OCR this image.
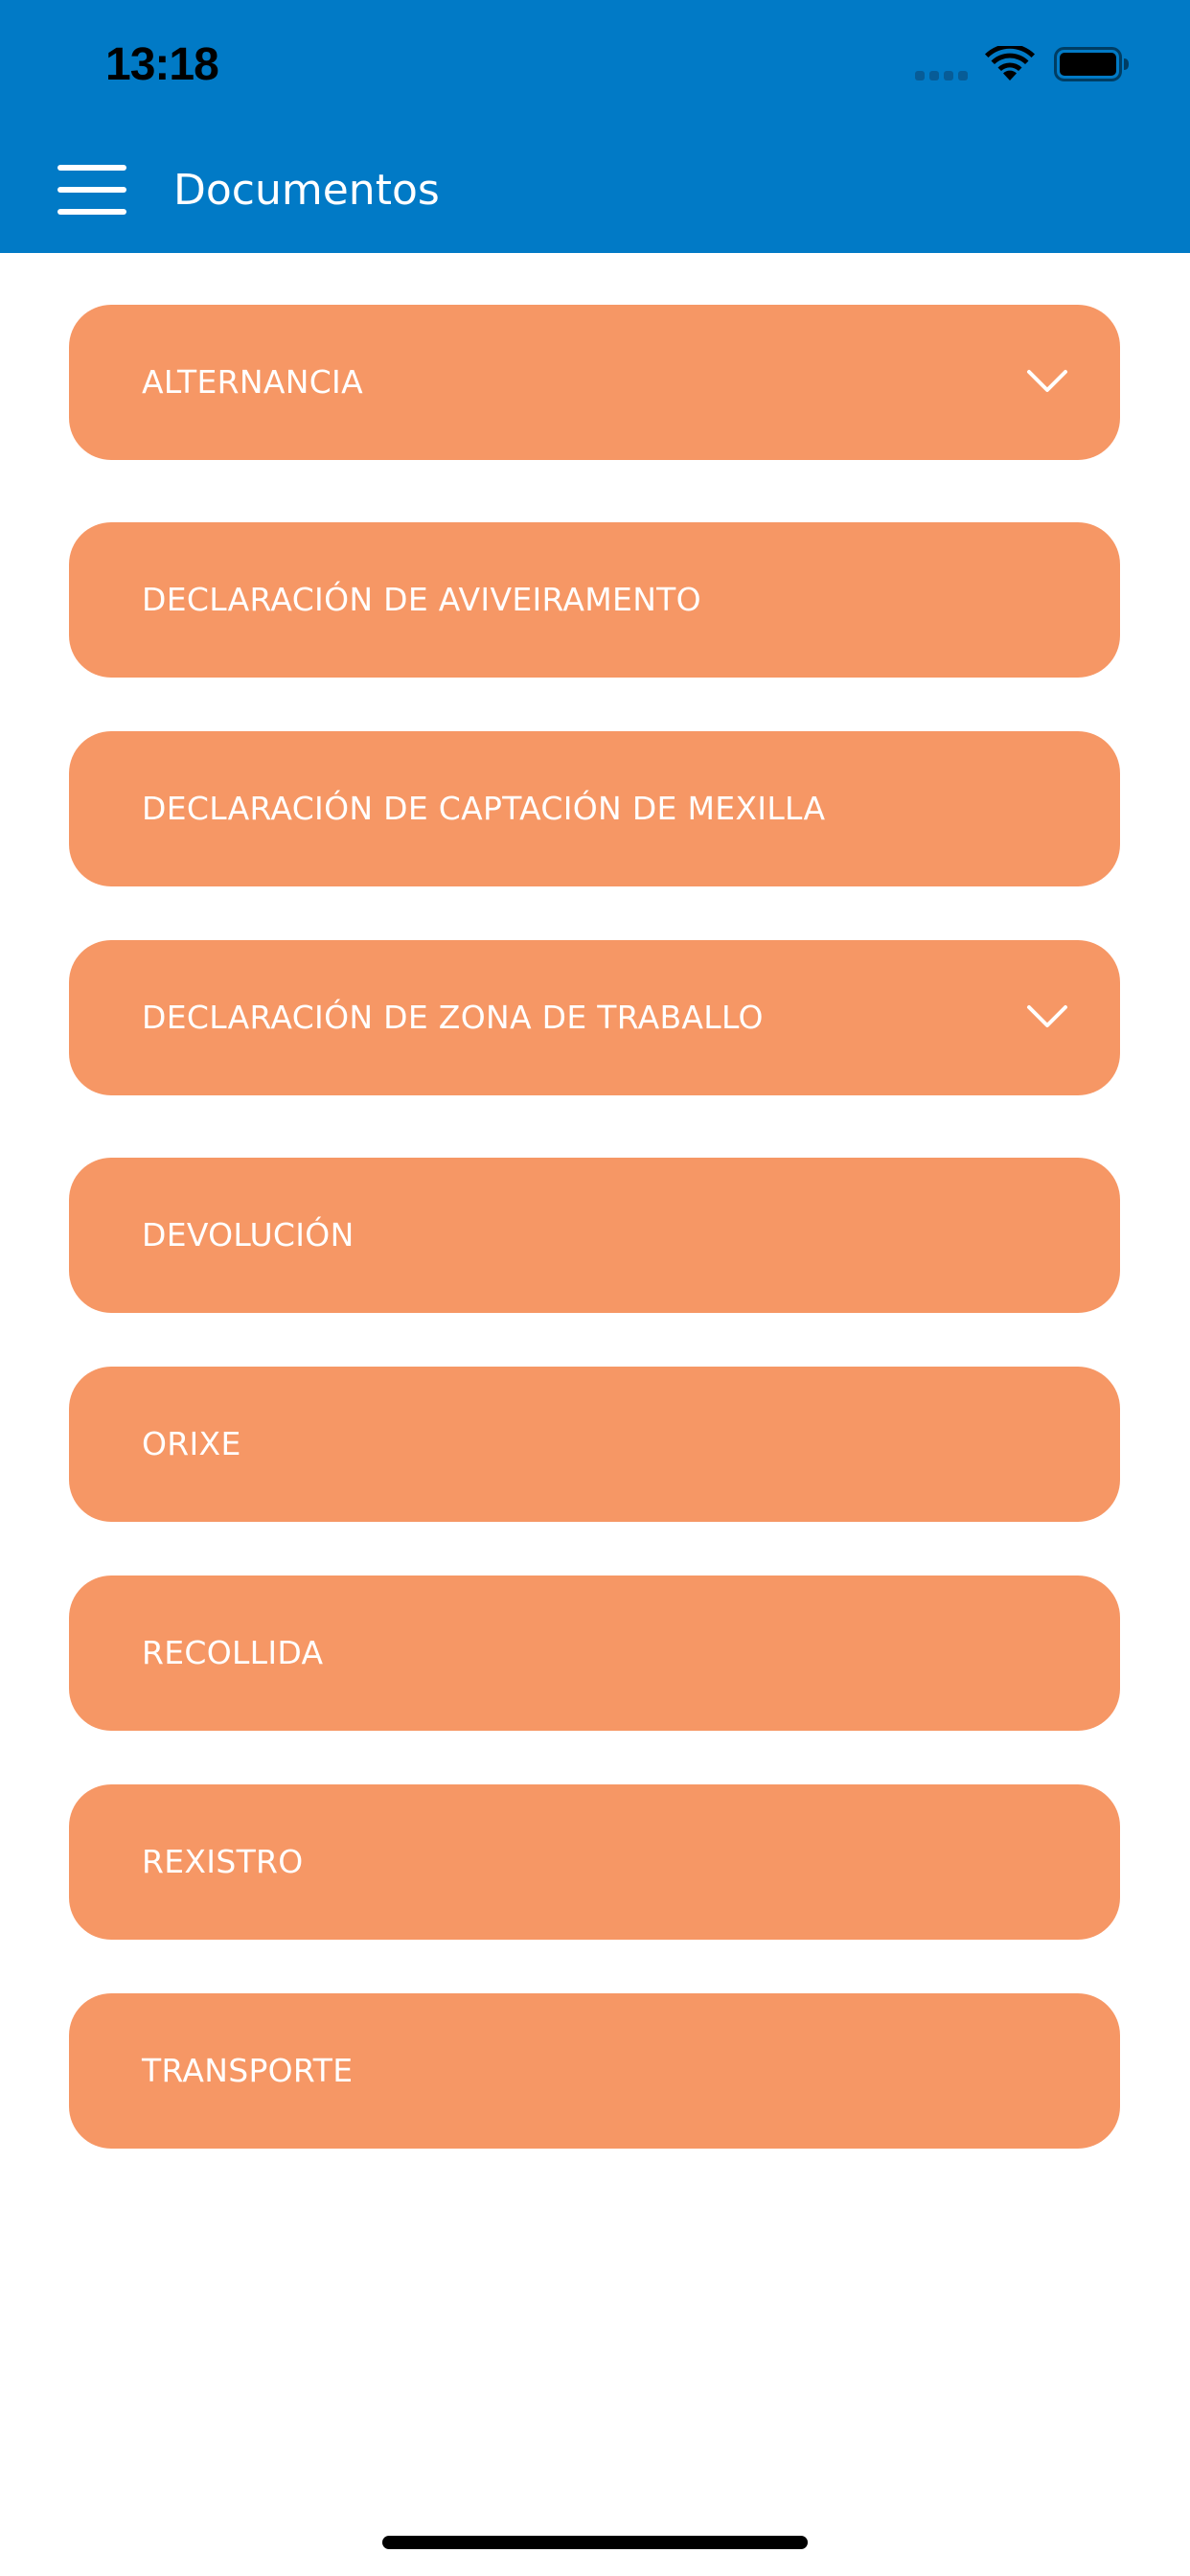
13:18
Documentos
ALTERNANCIA
DECLARACIÓN DE AVIVEIRAMENTO
DECLARACIÓN DE CAPTACIÓN DE MEXILLA
DECLARACIÓN DE ZONA DE TRABALLO
DEVOLUCIÓN
ORIXE
RECOLLIDA
REXISTRO
TRANSPORTE
